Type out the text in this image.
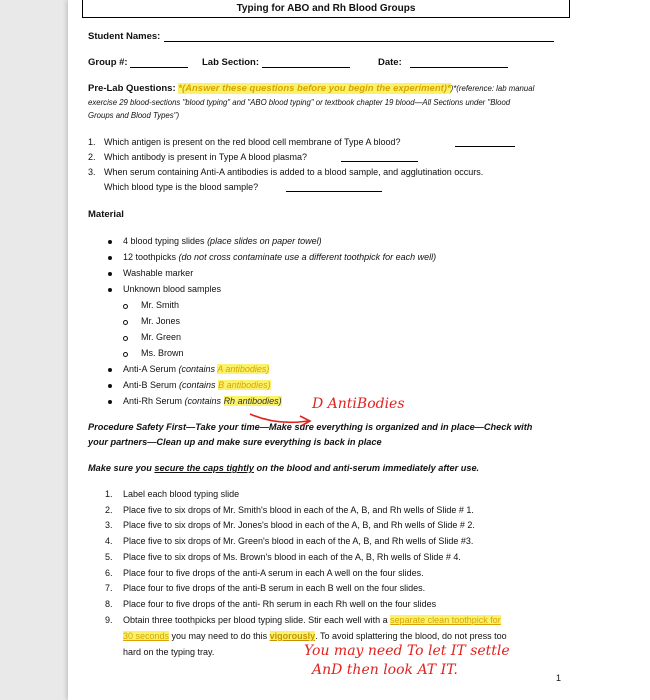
Typing for ABO and Rh Blood Groups
Student Names:
Group #:	Lab Section:	Date:
Pre-Lab Questions: *(Answer these questions before you begin the experiment)*)*(reference: lab manual
exercise 29 blood-sections "blood typing" and "ABO blood typing" or textbook chapter 19 blood—All Sections under "Blood
Groups and Blood Types")
1. Which antigen is present on the red blood cell membrane of Type A blood?
2. Which antibody is present in Type A blood plasma?
3. When serum containing Anti-A antibodies is added to a blood sample, and agglutination occurs.
Which blood type is the blood sample?
Material
4 blood typing slides (place slides on paper towel)
12 toothpicks (do not cross contaminate use a different toothpick for each well)
Washable marker
Unknown blood samples
Mr. Smith
Mr. Jones
Mr. Green
Ms. Brown
Anti-A Serum (contains A antibodies)
Anti-B Serum (contains B antibodies)
Anti-Rh Serum (contains Rh antibodies) D AntiBodies
Procedure Safety First—Take your time—Make sure everything is organized and in place—Check with
your partners—Clean up and make sure everything is back in place
Make sure you secure the caps tightly on the blood and anti-serum immediately after use.
1. Label each blood typing slide
2. Place five to six drops of Mr. Smith's blood in each of the A, B, and Rh wells of Slide # 1.
3. Place five to six drops of Mr. Jones's blood in each of the A, B, and Rh wells of Slide # 2.
4. Place five to six drops of Mr. Green's blood in each of the A, B, and Rh wells of Slide #3.
5. Place five to six drops of Ms. Brown's blood in each of the A, B, Rh wells of Slide # 4.
6. Place four to five drops of the anti-A serum in each A well on the four slides.
7. Place four to five drops of the anti-B serum in each B well on the four slides.
8. Place four to five drops of the anti- Rh serum in each Rh well on the four slides
9. Obtain three toothpicks per blood typing slide. Stir each well with a separate clean toothpick for
30 seconds you may need to do this vigorously. To avoid splattering the blood, do not press too
hard on the typing tray.	You may need To let IT settle
AnD then look AT IT.	1
